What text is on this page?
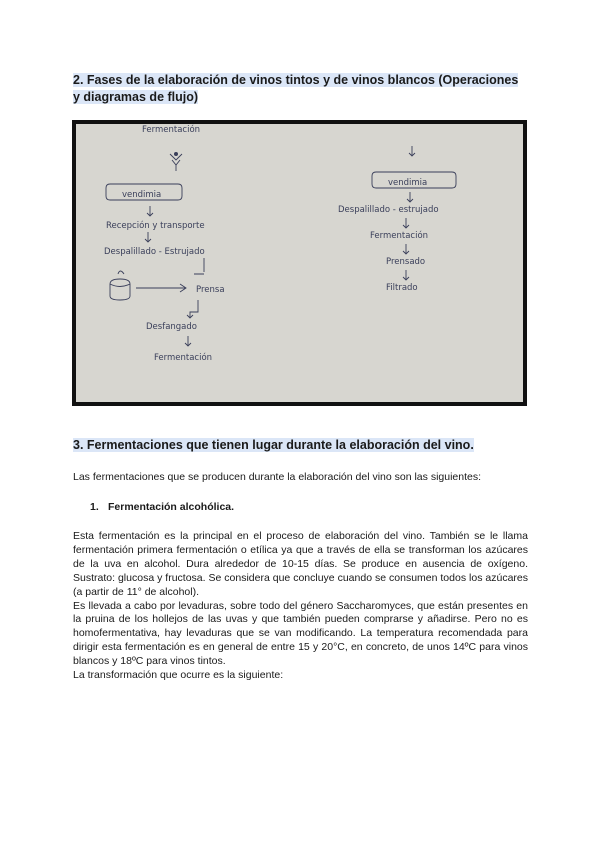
2. Fases de la elaboración de vinos tintos y de vinos blancos (Operaciones y diagramas de flujo)
Fermentación
vendimia
Recepción y transporte
Despalillado - Estrujado
Prensa
Desfangado
Fermentación
vendimia
Despalillado - estrujado
Fermentación
Prensado
Filtrado
3. Fermentaciones que tienen lugar durante la elaboración del vino.
Las fermentaciones que se producen durante la elaboración del vino son las siguientes:
1. Fermentación alcohólica.

Esta fermentación es la principal en el proceso de elaboración del vino. También se le llama fermentación primera fermentación o etílica ya que a través de ella se transforman los azúcares de la uva en alcohol. Dura alrededor de 10-15 días. Se produce en ausencia de oxígeno. Sustrato: glucosa y fructosa. Se considera que concluye cuando se consumen todos los azúcares (a partir de 11° de alcohol).

Es llevada a cabo por levaduras, sobre todo del género Saccharomyces, que están presentes en la pruina de los hollejos de las uvas y que también pueden comprarse y añadirse. Pero no es homofermentativa, hay levaduras que se van modificando. La temperatura recomendada para dirigir esta fermentación es en general de entre 15 y 20°C, en concreto, de unos 14ºC para vinos blancos y 18ºC para vinos tintos.

La transformación que ocurre es la siguiente:
